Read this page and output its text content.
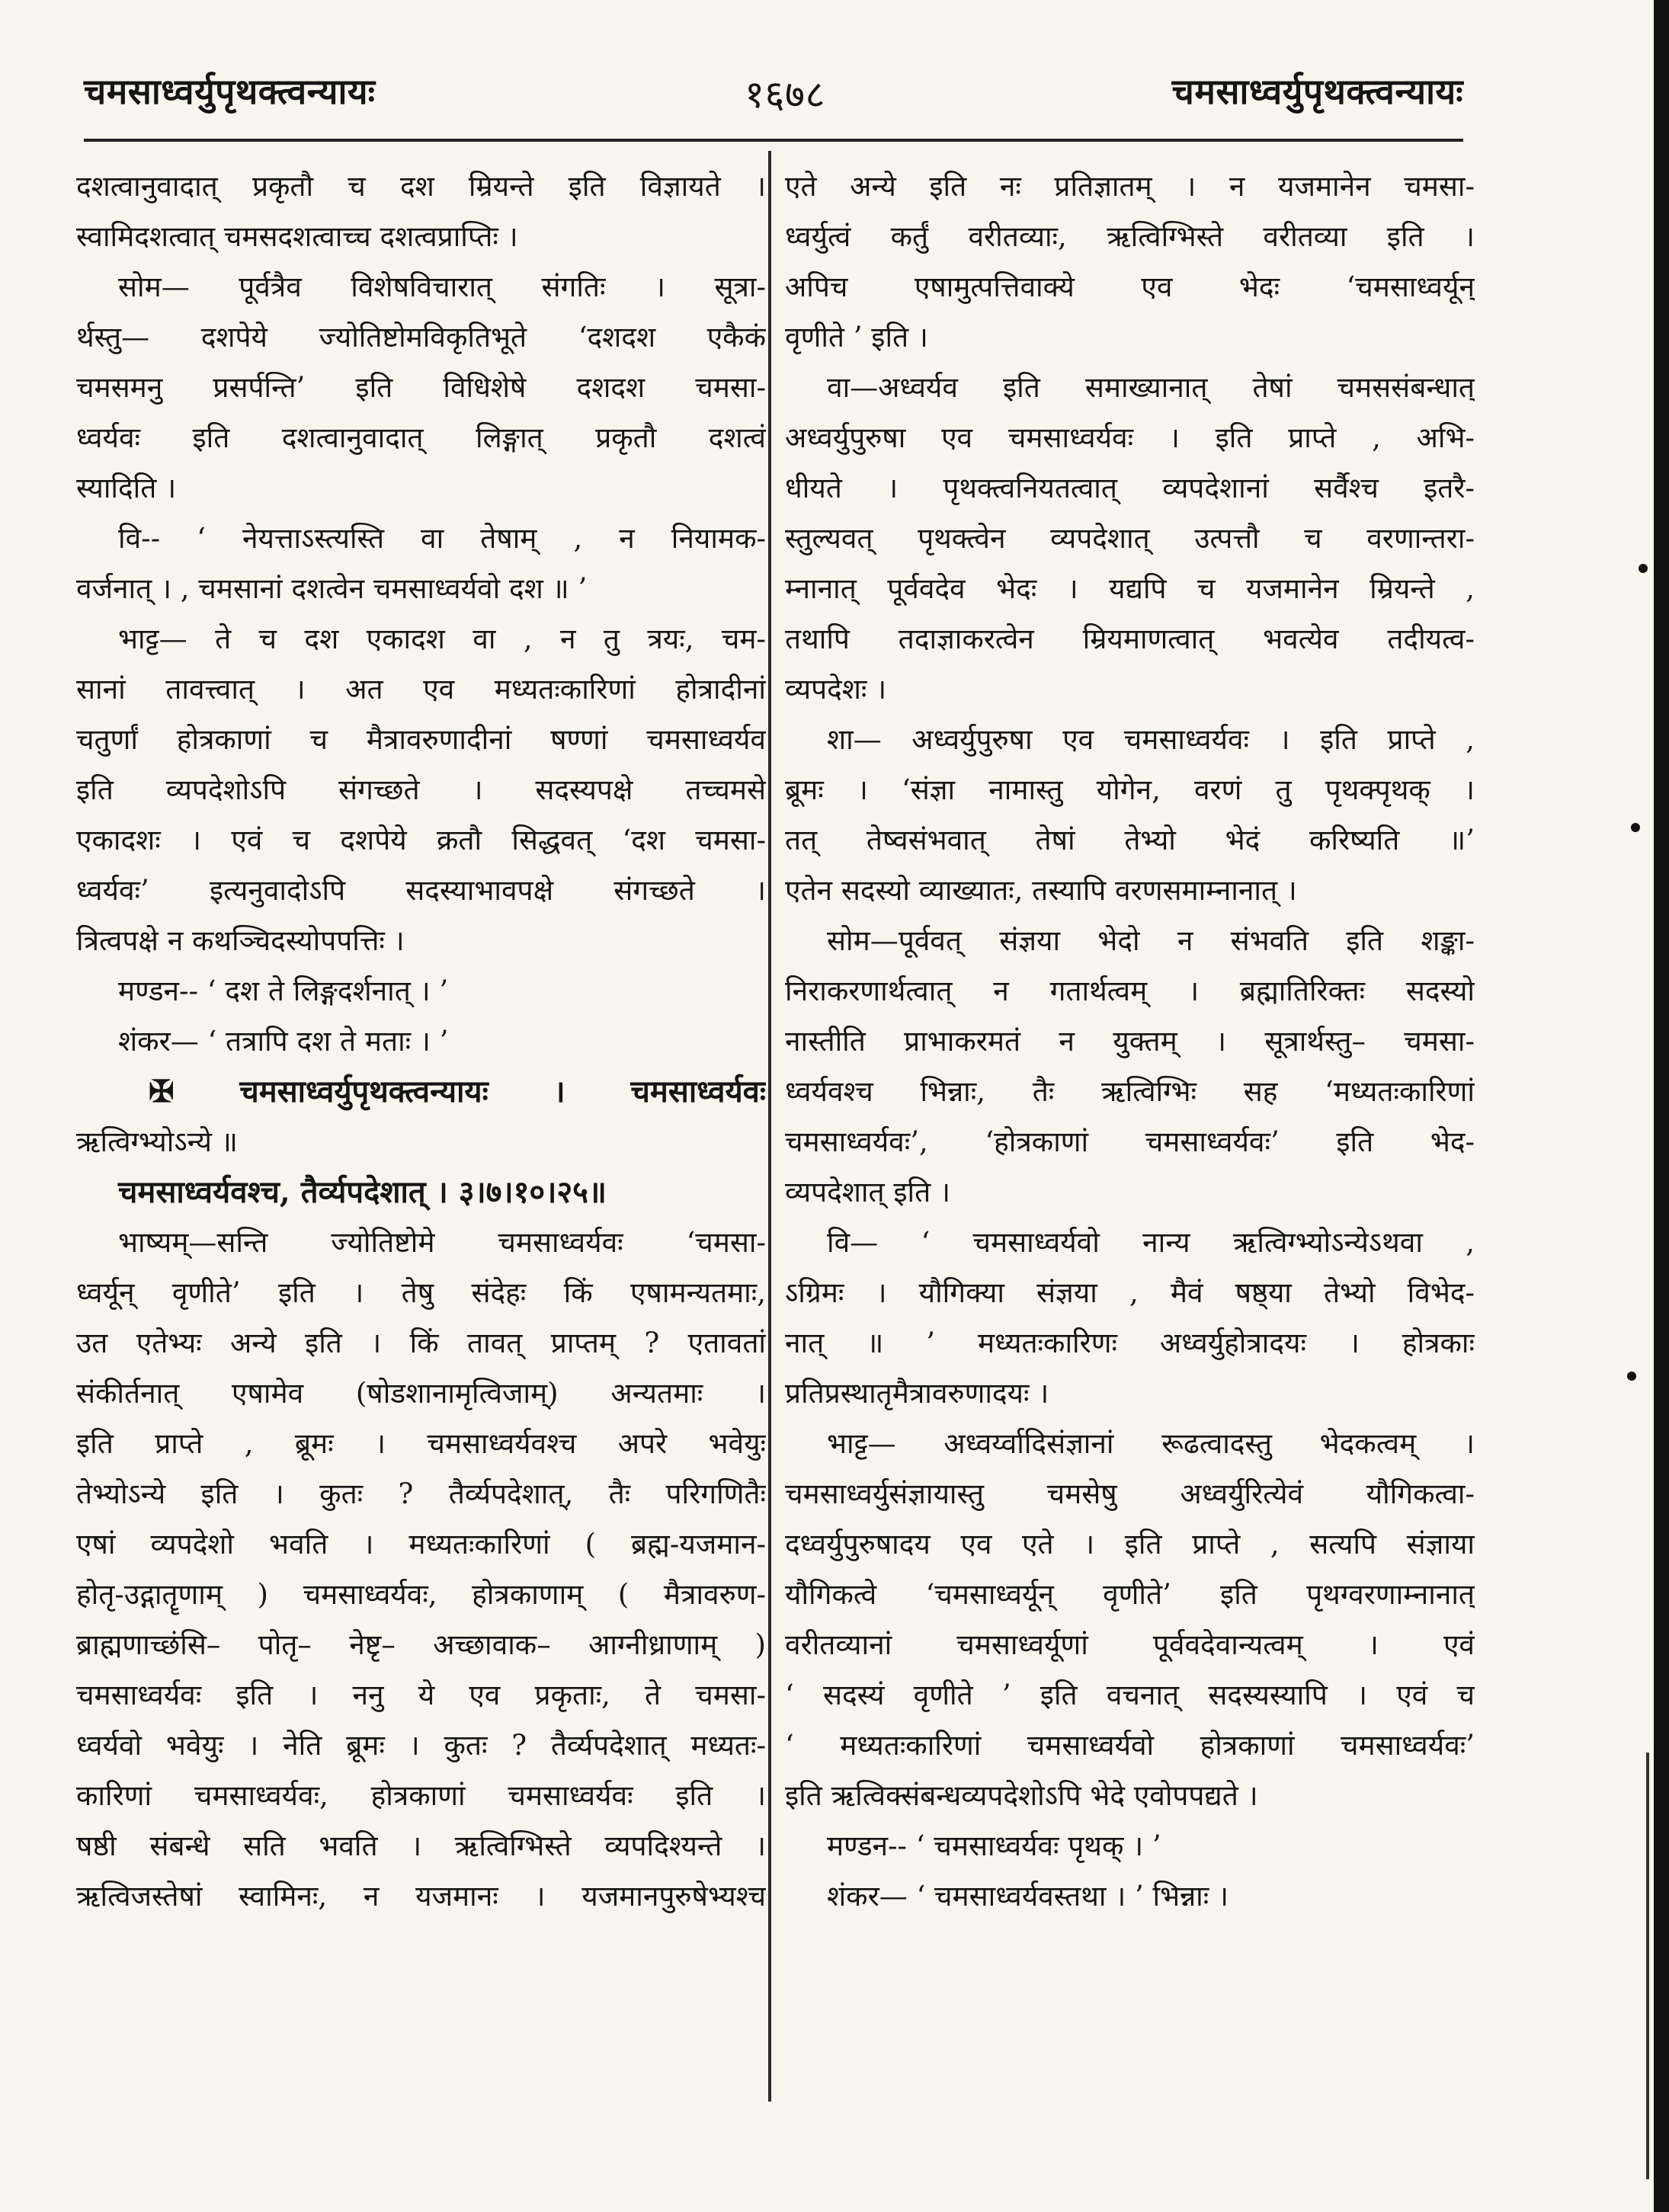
चमसाध्वर्युपृथक्त्वन्यायः	१६७८	चमसाध्वर्युपृथक्त्वन्यायः
दशत्वानुवादात् प्रकृतौ च दश म्रियन्ते इति विज्ञायते ।
स्वामिदशत्वात् चमसदशत्वाच्च दशत्वप्राप्तिः ।
सोम— पूर्वत्रैव विशेषविचारात् संगतिः । सूत्रा-
र्थस्तु— दशपेये ज्योतिष्टोमविकृतिभूते ‘दशदश एकैकं
चमसमनु प्रसर्पन्ति’ इति विधिशेषे दशदश चमसा-
ध्वर्यवः इति दशत्वानुवादात् लिङ्गात् प्रकृतौ दशत्वं
स्यादिति ।
वि-- ‘ नेयत्ताऽस्त्यस्ति वा तेषाम् , न नियामक-
वर्जनात् । , चमसानां दशत्वेन चमसाध्वर्यवो दश ॥ ’
भाट्ट— ते च दश एकादश वा , न तु त्रयः, चम-
सानां तावत्त्वात् । अत एव मध्यतःकारिणां होत्रादीनां
चतुर्णां होत्रकाणां च मैत्रावरुणादीनां षण्णां चमसाध्वर्यव
इति व्यपदेशोऽपि संगच्छते । सदस्यपक्षे तच्चमसे
एकादशः । एवं च दशपेये क्रतौ सिद्धवत् ‘दश चमसा-
ध्वर्यवः’ इत्यनुवादोऽपि सदस्याभावपक्षे संगच्छते ।
त्रित्वपक्षे न कथञ्चिदस्योपपत्तिः ।
मण्डन-- ‘ दश ते लिङ्गदर्शनात् । ’
शंकर— ‘ तत्रापि दश ते मताः । ’
✠ चमसाध्वर्युपृथक्त्वन्यायः । चमसाध्वर्यवः
ऋत्विग्भ्योऽन्ये ॥
चमसाध्वर्यवश्च, तैर्व्यपदेशात् । ३।७।१०।२५॥
भाष्यम्—सन्ति ज्योतिष्टोमे चमसाध्वर्यवः ‘चमसा-
ध्वर्यून् वृणीते’ इति । तेषु संदेहः किं एषामन्यतमाः,
उत एतेभ्यः अन्ये इति । किं तावत् प्राप्तम् ? एतावतां
संकीर्तनात् एषामेव (षोडशानामृत्विजाम्) अन्यतमाः ।
इति प्राप्ते , ब्रूमः । चमसाध्वर्यवश्च अपरे भवेयुः
तेभ्योऽन्ये इति । कुतः ? तैर्व्यपदेशात्, तैः परिगणितैः
एषां व्यपदेशो भवति । मध्यतःकारिणां ( ब्रह्म-यजमान-
होतृ-उद्गातॄणाम् ) चमसाध्वर्यवः, होत्रकाणाम् ( मैत्रावरुण-
ब्राह्मणाच्छंसि– पोतृ– नेष्टृ– अच्छावाक– आग्नीध्राणाम् )
चमसाध्वर्यवः इति । ननु ये एव प्रकृताः, ते चमसा-
ध्वर्यवो भवेयुः । नेति ब्रूमः । कुतः ? तैर्व्यपदेशात् मध्यतः-
कारिणां चमसाध्वर्यवः, होत्रकाणां चमसाध्वर्यवः इति ।
षष्ठी संबन्धे सति भवति । ऋत्विग्भिस्ते व्यपदिश्यन्ते ।
ऋत्विजस्तेषां स्वामिनः, न यजमानः । यजमानपुरुषेभ्यश्च
एते अन्ये इति नः प्रतिज्ञातम् । न यजमानेन चमसा-
ध्वर्युत्वं कर्तुं वरीतव्याः, ऋत्विग्भिस्ते वरीतव्या इति ।
अपिच एषामुत्पत्तिवाक्ये एव भेदः ‘चमसाध्वर्यून्
वृणीते ’ इति ।
वा—अध्वर्यव इति समाख्यानात् तेषां चमससंबन्धात्
अध्वर्युपुरुषा एव चमसाध्वर्यवः । इति प्राप्ते , अभि-
धीयते । पृथक्त्वनियतत्वात् व्यपदेशानां सर्वैश्च इतरै-
स्तुल्यवत् पृथक्त्वेन व्यपदेशात् उत्पत्तौ च वरणान्तरा-
म्नानात् पूर्ववदेव भेदः । यद्यपि च यजमानेन म्रियन्ते ,
तथापि तदाज्ञाकरत्वेन म्रियमाणत्वात् भवत्येव तदीयत्व-
व्यपदेशः ।
शा— अध्वर्युपुरुषा एव चमसाध्वर्यवः । इति प्राप्ते ,
ब्रूमः । ‘संज्ञा नामास्तु योगेन, वरणं तु पृथक्पृथक् ।
तत् तेष्वसंभवात् तेषां तेभ्यो भेदं करिष्यति ॥’
एतेन सदस्यो व्याख्यातः, तस्यापि वरणसमाम्नानात् ।
सोम—पूर्ववत् संज्ञया भेदो न संभवति इति शङ्का-
निराकरणार्थत्वात् न गतार्थत्वम् । ब्रह्मातिरिक्तः सदस्यो
नास्तीति प्राभाकरमतं न युक्तम् । सूत्रार्थस्तु– चमसा-
ध्वर्यवश्च भिन्नाः, तैः ऋत्विग्भिः सह ‘मध्यतःकारिणां
चमसाध्वर्यवः’, ‘होत्रकाणां चमसाध्वर्यवः’ इति भेद-
व्यपदेशात् इति ।
वि— ‘ चमसाध्वर्यवो नान्य ऋत्विग्भ्योऽन्येऽथवा ,
ऽग्रिमः । यौगिक्या संज्ञया , मैवं षष्ठ्या तेभ्यो विभेद-
नात् ॥ ’ मध्यतःकारिणः अध्वर्युहोत्रादयः । होत्रकाः
प्रतिप्रस्थातृमैत्रावरुणादयः ।
भाट्ट— अध्वर्य्वादिसंज्ञानां रूढत्वादस्तु भेदकत्वम् ।
चमसाध्वर्युसंज्ञायास्तु चमसेषु अध्वर्युरित्येवं यौगिकत्वा-
दध्वर्युपुरुषादय एव एते । इति प्राप्ते , सत्यपि संज्ञाया
यौगिकत्वे ‘चमसाध्वर्यून् वृणीते’ इति पृथग्वरणाम्नानात्
वरीतव्यानां चमसाध्वर्यूणां पूर्ववदेवान्यत्वम् । एवं
‘ सदस्यं वृणीते ’ इति वचनात् सदस्यस्यापि । एवं च
‘ मध्यतःकारिणां चमसाध्वर्यवो होत्रकाणां चमसाध्वर्यवः’
इति ऋत्विक्संबन्धव्यपदेशोऽपि भेदे एवोपपद्यते ।
मण्डन-- ‘ चमसाध्वर्यवः पृथक् । ’
शंकर— ‘ चमसाध्वर्यवस्तथा । ’ भिन्नाः ।
